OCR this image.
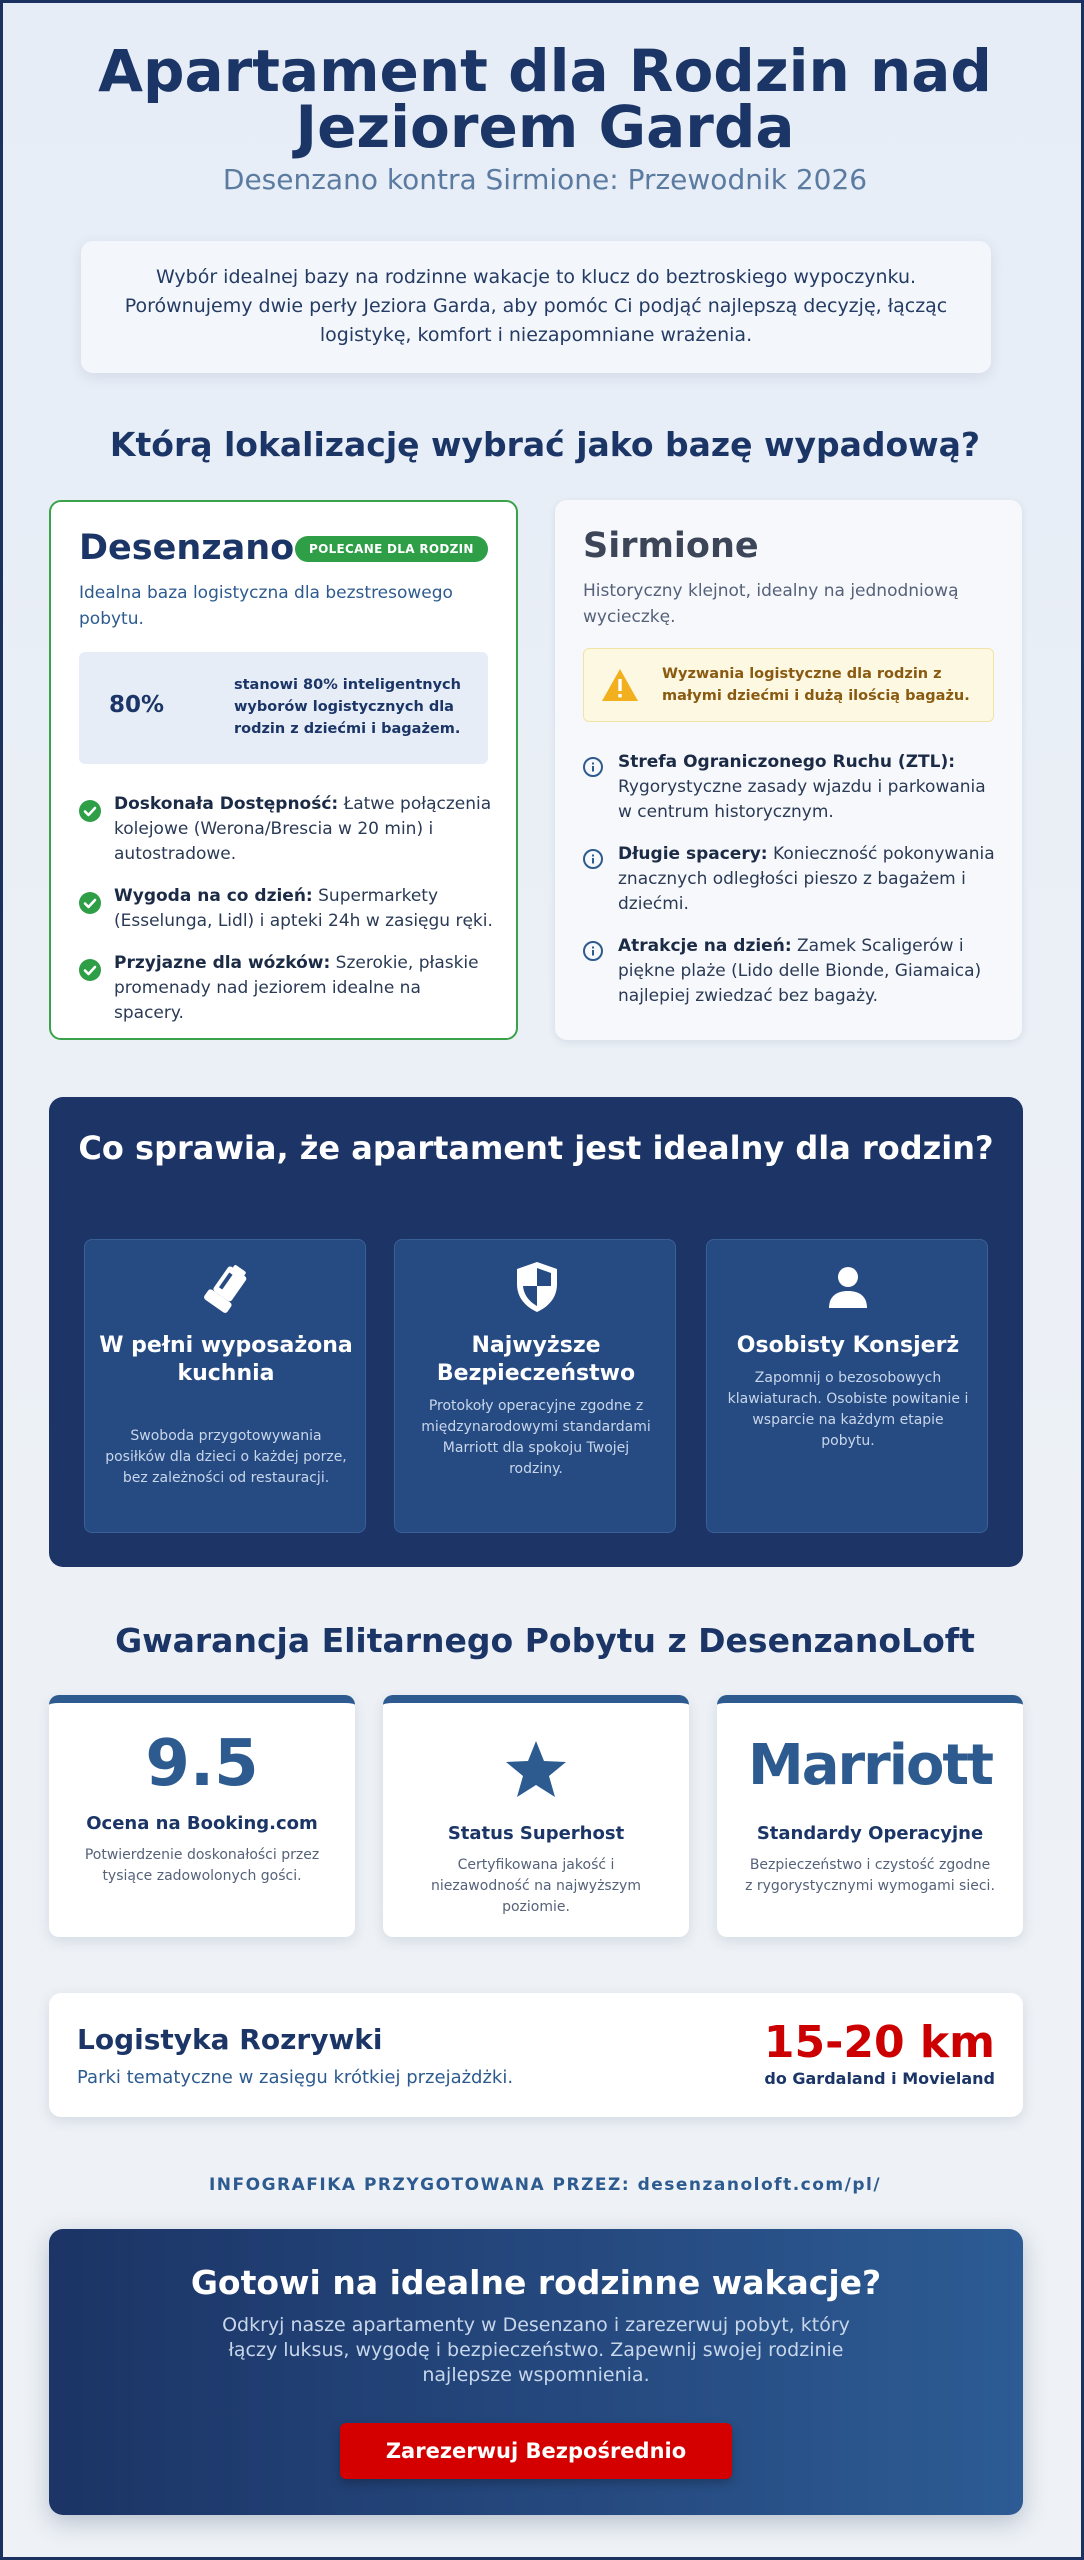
Apartament dla Rodzin nad Jeziorem Garda
Desenzano kontra Sirmione: Przewodnik 2026

Wybór idealnej bazy na rodzinne wakacje to klucz do beztroskiego wypoczynku. Porównujemy dwie perły Jeziora Garda, aby pomóc Ci podjąć najlepszą decyzję, łącząc logistykę, komfort i niezapomniane wrażenia.

Którą lokalizację wybrać jako bazę wypadową?
Desenzano	POLECANE DLA RODZIN
Idealna baza logistyczna dla bezstresowego pobytu.
80%
stanowi 80% inteligentnych wyborów logistycznych dla rodzin z dziećmi i bagażem.
Doskonała Dostępność: Łatwe połączenia kolejowe (Werona/Brescia w 20 min) i autostradowe.
Wygoda na co dzień: Supermarkety (Esselunga, Lidl) i apteki 24h w zasięgu ręki.
Przyjazne dla wózków: Szerokie, płaskie promenady nad jeziorem idealne na spacery.
Sirmione
Historyczny klejnot, idealny na jednodniową wycieczkę.
Wyzwania logistyczne dla rodzin z małymi dziećmi i dużą ilością bagażu.
Strefa Ograniczonego Ruchu (ZTL): Rygorystyczne zasady wjazdu i parkowania w centrum historycznym.
Długie spacery: Konieczność pokonywania znacznych odległości pieszo z bagażem i dziećmi.
Atrakcje na dzień: Zamek Scaligerów i piękne plaże (Lido delle Bionde, Giamaica) najlepiej zwiedzać bez bagaży.
Co sprawia, że apartament jest idealny dla rodzin?
W pełni wyposażona kuchnia
Swoboda przygotowywania posiłków dla dzieci o każdej porze, bez zależności od restauracji.
Najwyższe Bezpieczeństwo
Protokoły operacyjne zgodne z międzynarodowymi standardami Marriott dla spokoju Twojej rodziny.
Osobisty Konsjerż
Zapomnij o bezosobowych klawiaturach. Osobiste powitanie i wsparcie na każdym etapie pobytu.
Gwarancja Elitarnego Pobytu z DesenzanoLoft
9.5
Ocena na Booking.com
Potwierdzenie doskonałości przez tysiące zadowolonych gości.
Status Superhost
Certyfikowana jakość i niezawodność na najwyższym poziomie.
Marriott
Standardy Operacyjne
Bezpieczeństwo i czystość zgodne z rygorystycznymi wymogami sieci.
Logistyka Rozrywki
Parki tematyczne w zasięgu krótkiej przejażdżki.
15-20 km
do Gardaland i Movieland
INFOGRAFIKA PRZYGOTOWANA PRZEZ: desenzanoloft.com/pl/
Gotowi na idealne rodzinne wakacje?

Odkryj nasze apartamenty w Desenzano i zarezerwuj pobyt, który łączy luksus, wygodę i bezpieczeństwo. Zapewnij swojej rodzinie najlepsze wspomnienia.

Zarezerwuj Bezpośrednio
